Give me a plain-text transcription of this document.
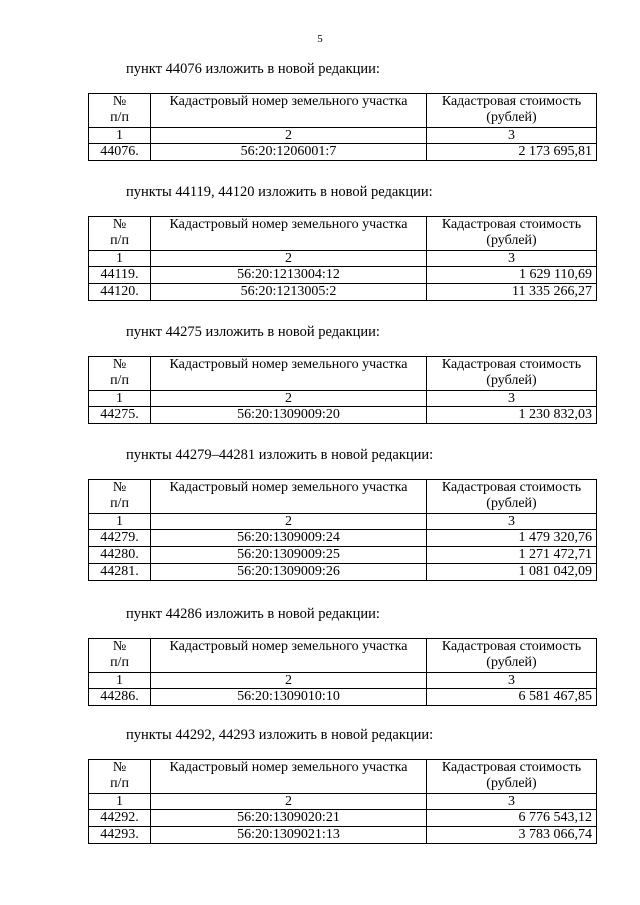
5

пункт 44076 изложить в новой редакции:

№
п/п	Кадастровый номер земельного участка	Кадастровая стоимость
(рублей)
1	2	3
44076.	56:20:1206001:7	2 173 695,81

пункты 44119, 44120 изложить в новой редакции:

№
п/п	Кадастровый номер земельного участка	Кадастровая стоимость
(рублей)
1	2	3
44119.	56:20:1213004:12	1 629 110,69
44120.	56:20:1213005:2	11 335 266,27

пункт 44275 изложить в новой редакции:

№
п/п	Кадастровый номер земельного участка	Кадастровая стоимость
(рублей)
1	2	3
44275.	56:20:1309009:20	1 230 832,03

пункты 44279–44281 изложить в новой редакции:

№
п/п	Кадастровый номер земельного участка	Кадастровая стоимость
(рублей)
1	2	3
44279.	56:20:1309009:24	1 479 320,76
44280.	56:20:1309009:25	1 271 472,71
44281.	56:20:1309009:26	1 081 042,09

пункт 44286 изложить в новой редакции:

№
п/п	Кадастровый номер земельного участка	Кадастровая стоимость
(рублей)
1	2	3
44286.	56:20:1309010:10	6 581 467,85

пункты 44292, 44293 изложить в новой редакции:

№
п/п	Кадастровый номер земельного участка	Кадастровая стоимость
(рублей)
1	2	3
44292.	56:20:1309020:21	6 776 543,12
44293.	56:20:1309021:13	3 783 066,74
